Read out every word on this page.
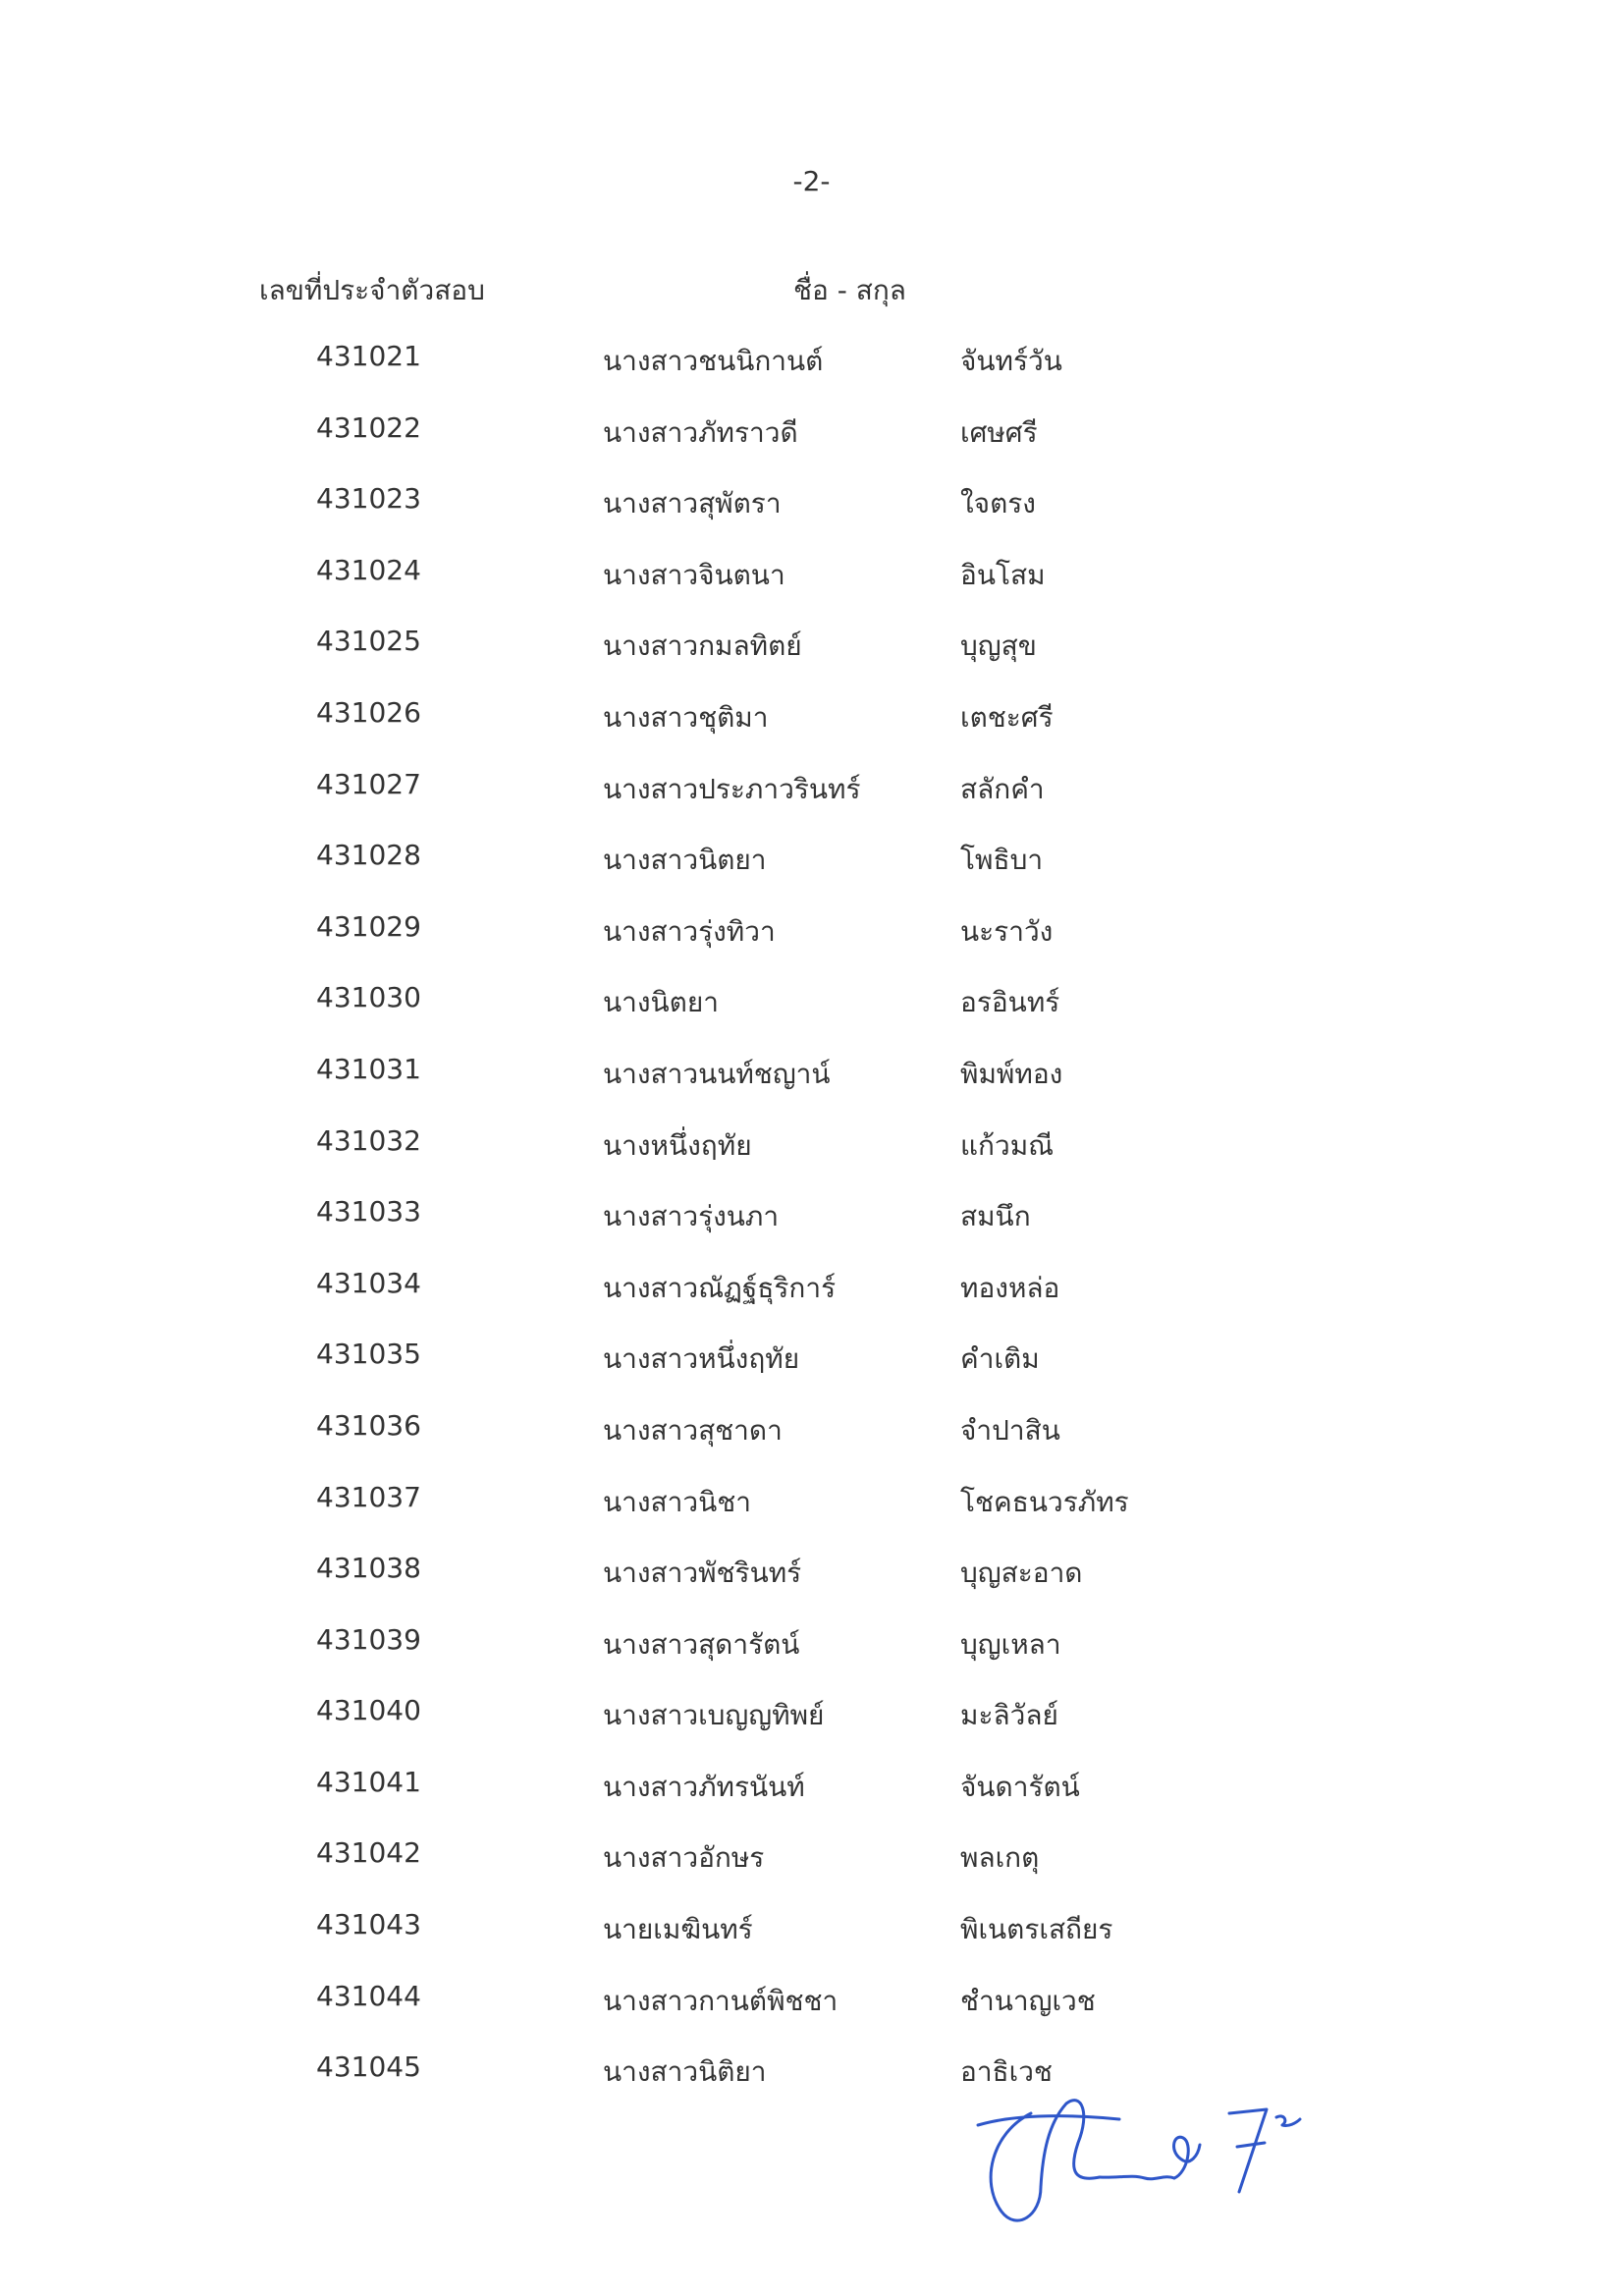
-2-
เลขที่ประจำตัวสอบ	ชื่อ - สกุล
431021	นางสาวชนนิกานต์	จันทร์วัน
431022	นางสาวภัทราวดี	เศษศรี
431023	นางสาวสุพัตรา	ใจตรง
431024	นางสาวจินตนา	อินโสม
431025	นางสาวกมลทิตย์	บุญสุข
431026	นางสาวชุติมา	เตชะศรี
431027	นางสาวประภาวรินทร์	สลักคำ
431028	นางสาวนิตยา	โพธิบา
431029	นางสาวรุ่งทิวา	นะราวัง
431030	นางนิตยา	อรอินทร์
431031	นางสาวนนท์ชญาน์	พิมพ์ทอง
431032	นางหนึ่งฤทัย	แก้วมณี
431033	นางสาวรุ่งนภา	สมนึก
431034	นางสาวณัฏฐ์ธุริการ์	ทองหล่อ
431035	นางสาวหนึ่งฤทัย	คำเติม
431036	นางสาวสุชาดา	จำปาสิน
431037	นางสาวนิชา	โชคธนวรภัทร
431038	นางสาวพัชรินทร์	บุญสะอาด
431039	นางสาวสุดารัตน์	บุญเหลา
431040	นางสาวเบญญทิพย์	มะลิวัลย์
431041	นางสาวภัทรนันท์	จันดารัตน์
431042	นางสาวอักษร	พลเกตุ
431043	นายเมฆินทร์	พิเนตรเสถียร
431044	นางสาวกานต์พิชชา	ชำนาญเวช
431045	นางสาวนิติยา	อาธิเวช
